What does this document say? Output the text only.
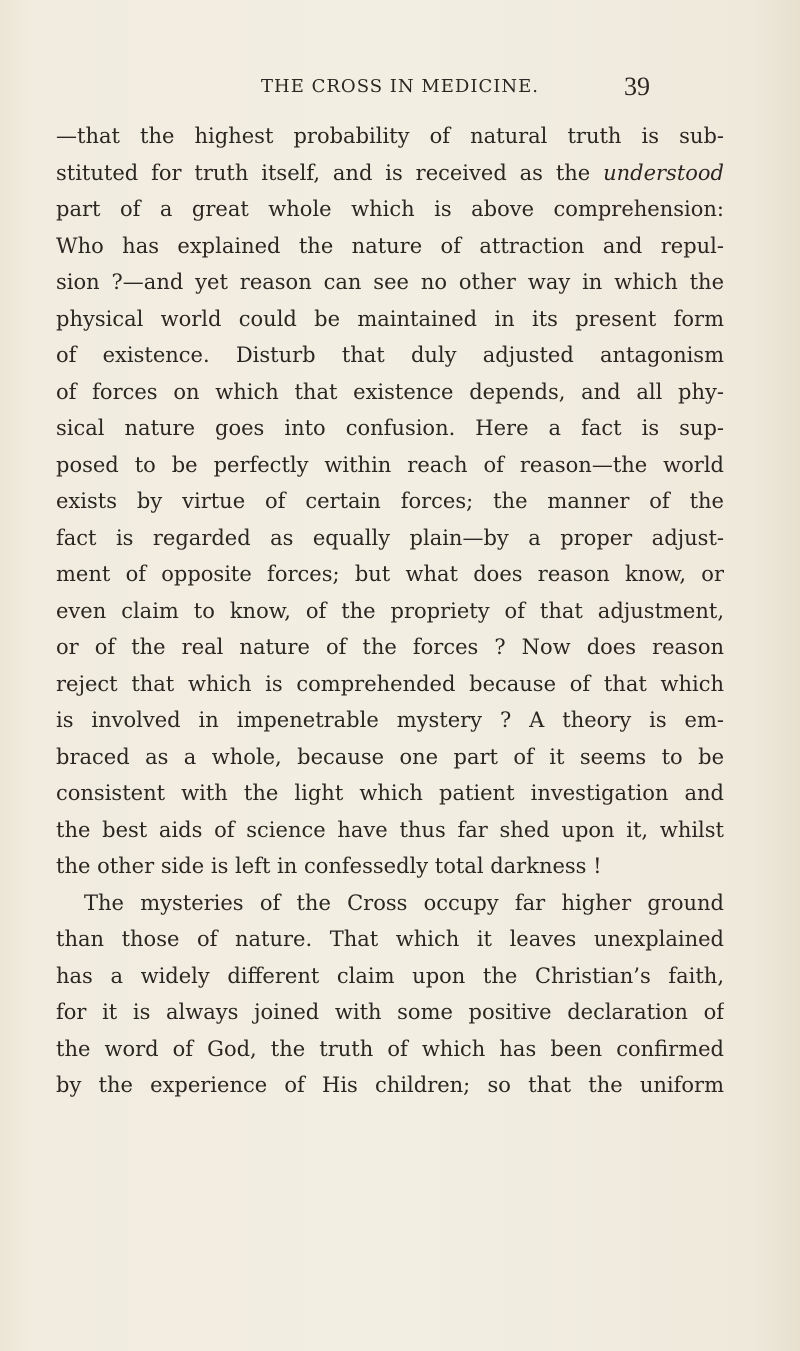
THE CROSS IN MEDICINE.	39
—that the highest probability of natural truth is sub-
stituted for truth itself, and is received as the understood
part of a great whole which is above comprehension:
Who has explained the nature of attraction and repul-
sion ?—and yet reason can see no other way in which the
physical world could be maintained in its present form
of existence. Disturb that duly adjusted antagonism
of forces on which that existence depends, and all phy-
sical nature goes into confusion. Here a fact is sup-
posed to be perfectly within reach of reason—the world
exists by virtue of certain forces; the manner of the
fact is regarded as equally plain—by a proper adjust-
ment of opposite forces; but what does reason know, or
even claim to know, of the propriety of that adjustment,
or of the real nature of the forces ? Now does reason
reject that which is comprehended because of that which
is involved in impenetrable mystery ? A theory is em-
braced as a whole, because one part of it seems to be
consistent with the light which patient investigation and
the best aids of science have thus far shed upon it, whilst
the other side is left in confessedly total darkness !
The mysteries of the Cross occupy far higher ground
than those of nature. That which it leaves unexplained
has a widely different claim upon the Christian’s faith,
for it is always joined with some positive declaration of
the word of God, the truth of which has been confirmed
by the experience of His children; so that the uniform
